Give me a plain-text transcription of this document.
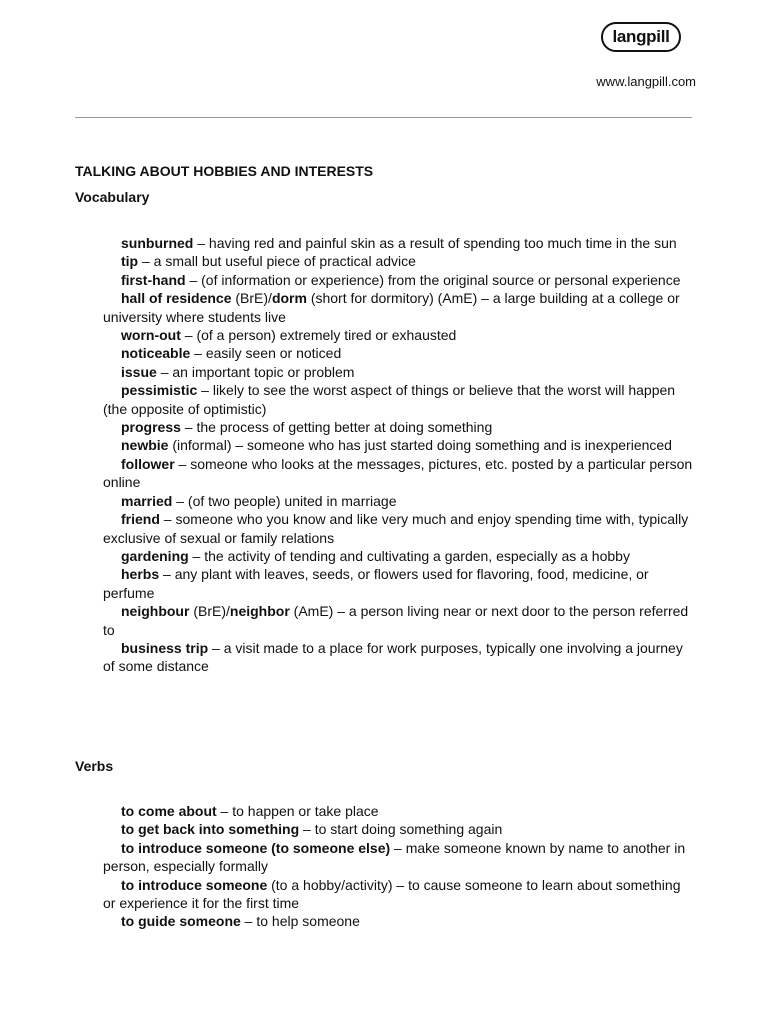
langpill
www.langpill.com
TALKING ABOUT HOBBIES AND INTERESTS
Vocabulary
sunburned – having red and painful skin as a result of spending too much time in the sun
tip – a small but useful piece of practical advice
first-hand – (of information or experience) from the original source or personal experience
hall of residence (BrE)/dorm (short for dormitory) (AmE) – a large building at a college or university where students live
worn-out – (of a person) extremely tired or exhausted
noticeable – easily seen or noticed
issue – an important topic or problem
pessimistic – likely to see the worst aspect of things or believe that the worst will happen (the opposite of optimistic)
progress – the process of getting better at doing something
newbie (informal) – someone who has just started doing something and is inexperienced
follower – someone who looks at the messages, pictures, etc. posted by a particular person online
married – (of two people) united in marriage
friend – someone who you know and like very much and enjoy spending time with, typically exclusive of sexual or family relations
gardening – the activity of tending and cultivating a garden, especially as a hobby
herbs – any plant with leaves, seeds, or flowers used for flavoring, food, medicine, or perfume
neighbour (BrE)/neighbor (AmE) – a person living near or next door to the person referred to
business trip – a visit made to a place for work purposes, typically one involving a journey of some distance
Verbs
to come about – to happen or take place
to get back into something – to start doing something again
to introduce someone (to someone else) – make someone known by name to another in person, especially formally
to introduce someone (to a hobby/activity) – to cause someone to learn about something or experience it for the first time
to guide someone – to help someone
